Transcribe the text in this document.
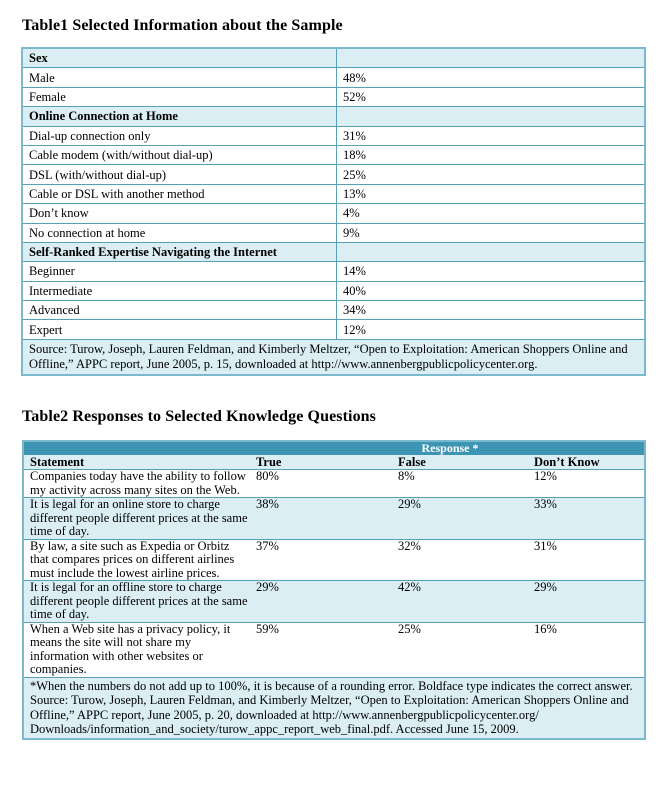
Table1 Selected Information about the Sample
Sex	
Male	48%
Female	52%
Online Connection at Home	
Dial-up connection only	31%
Cable modem (with/without dial-up)	18%
DSL (with/without dial-up)	25%
Cable or DSL with another method	13%
Don’t know	4%
No connection at home	9%
Self-Ranked Expertise Navigating the Internet	
Beginner	14%
Intermediate	40%
Advanced	34%
Expert	12%
Source: Turow, Joseph, Lauren Feldman, and Kimberly Meltzer, “Open to Exploitation: American Shoppers Online and Offline,” APPC report, June 2005, p. 15, downloaded at http://www.annenbergpublicpolicycenter.org.	
Table2 Responses to Selected Knowledge Questions
	Response *		
Statement	True	False	Don’t Know
Companies today have the ability to follow my activity across many sites on the Web.	80%	8%	12%
It is legal for an online store to charge different people different prices at the same time of day.	38%	29%	33%
By law, a site such as Expedia or Orbitz that compares prices on different airlines must include the lowest airline prices.	37%	32%	31%
It is legal for an offline store to charge different people different prices at the same time of day.	29%	42%	29%
When a Web site has a privacy policy, it means the site will not share my information with other websites or companies.	59%	25%	16%

*When the numbers do not add up to 100%, it is because of a rounding error. Boldface type indicates the correct answer.
Source: Turow, Joseph, Lauren Feldman, and Kimberly Meltzer, “Open to Exploitation: American Shoppers Online and Offline,” APPC report, June 2005, p. 20, downloaded at http://www.annenbergpublicpolicycenter.org/ Downloads/information_and_society/turow_appc_report_web_final.pdf. Accessed June 15, 2009.			
